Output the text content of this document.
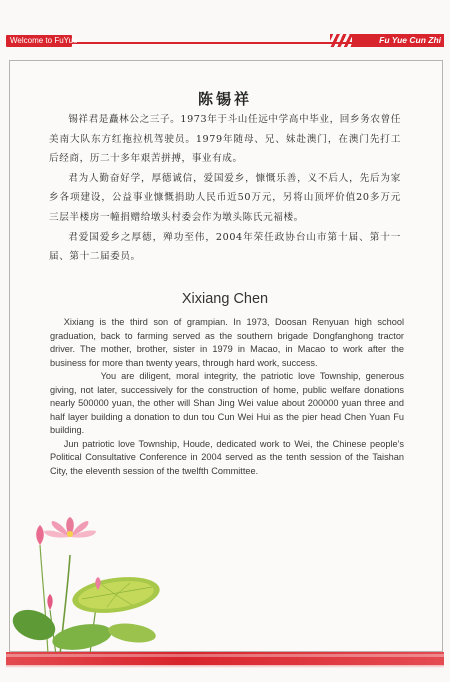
Welcome to FuYue	Fu Yue Cun Zhi
陈锡祥

锡祥君是矗林公之三子。1973年于斗山任远中学高中毕业，回乡务农曾任美南大队东方红拖拉机驾驶员。1979年随母、兄、妹赴澳门，在澳门先打工后经商，历二十多年艰苦拼搏，事业有成。

君为人勤奋好学，厚德诚信，爱国爱乡，慷慨乐善，义不后人，先后为家乡各项建设，公益事业慷慨捐助人民币近50万元，另将山顶坪价值20多万元三层半楼房一幢捐赠给墩头村委会作为墩头陈氏元福楼。

君爱国爱乡之厚德，殚功至伟，2004年荣任政协台山市第十届、第十一届、第十二届委员。

Xixiang Chen

Xixiang is the third son of grampian. In 1973, Doosan Renyuan high school graduation, back to farming served as the southern brigade Dongfanghong tractor driver. The mother, brother, sister in 1979 in Macao, in Macao to work after the business for more than twenty years, through hard work, success.

You are diligent, moral integrity, the patriotic love Township, generous giving, not later, successively for the construction of home, public welfare donations nearly 500000 yuan, the other will Shan Jing Wei value about 200000 yuan three and half layer building a donation to dun tou Cun Wei Hui as the pier head Chen Yuan Fu building.

Jun patriotic love Township, Houde, dedicated work to Wei, the Chinese people's Political Consultative Conference in 2004 served as the tenth session of the Taishan City, the eleventh session of the twelfth Committee.
